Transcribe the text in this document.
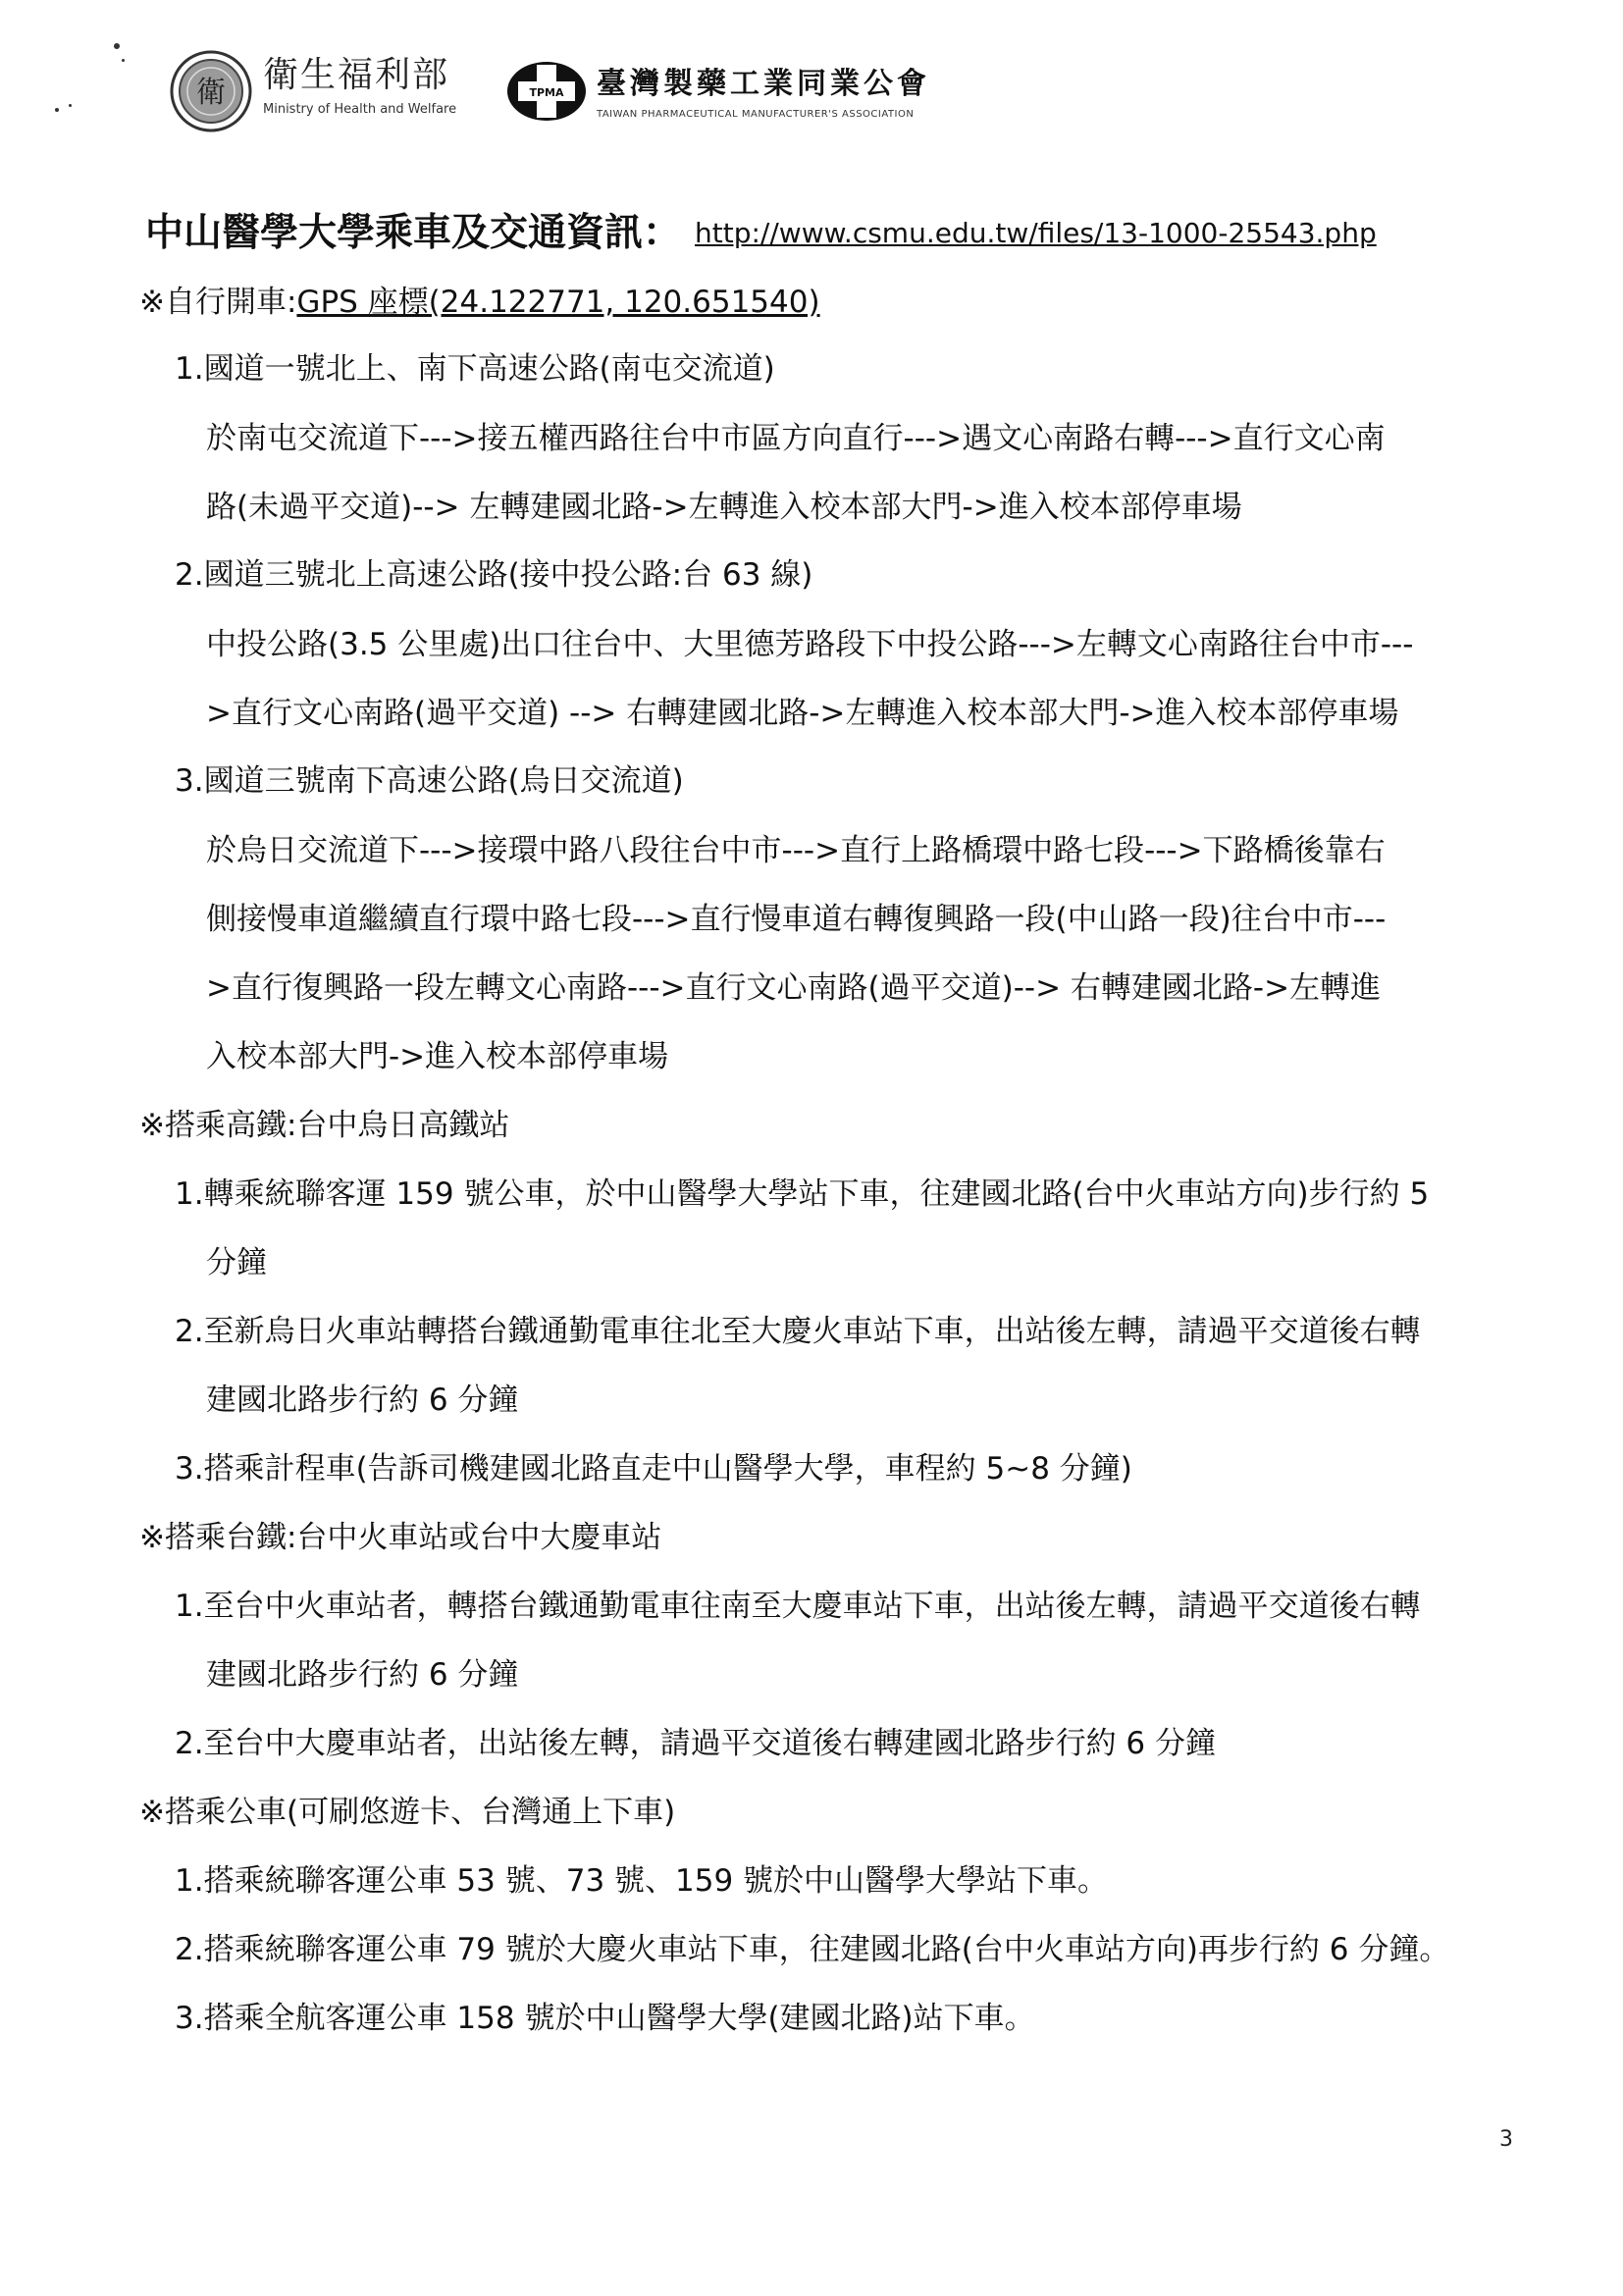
衛 衛生福利部
Ministry of Health and Welfare
TPMA 臺灣製藥工業同業公會
TAIWAN PHARMACEUTICAL MANUFACTURER'S ASSOCIATION
中山醫學大學乘車及交通資訊： http://www.csmu.edu.tw/files/13-1000-25543.php
※自行開車:GPS 座標(24.122771, 120.651540)
1.國道一號北上、南下高速公路(南屯交流道)
於南屯交流道下--->接五權西路往台中市區方向直行--->遇文心南路右轉--->直行文心南
路(未過平交道)--> 左轉建國北路->左轉進入校本部大門->進入校本部停車場
2.國道三號北上高速公路(接中投公路:台 63 線)
中投公路(3.5 公里處)出口往台中、大里德芳路段下中投公路--->左轉文心南路往台中市---
>直行文心南路(過平交道) --> 右轉建國北路->左轉進入校本部大門->進入校本部停車場
3.國道三號南下高速公路(烏日交流道)
於烏日交流道下--->接環中路八段往台中市--->直行上路橋環中路七段--->下路橋後靠右
側接慢車道繼續直行環中路七段--->直行慢車道右轉復興路一段(中山路一段)往台中市---
>直行復興路一段左轉文心南路--->直行文心南路(過平交道)--> 右轉建國北路->左轉進
入校本部大門->進入校本部停車場
※搭乘高鐵:台中烏日高鐵站
1.轉乘統聯客運 159 號公車，於中山醫學大學站下車，往建國北路(台中火車站方向)步行約 5
分鐘
2.至新烏日火車站轉搭台鐵通勤電車往北至大慶火車站下車，出站後左轉，請過平交道後右轉
建國北路步行約 6 分鐘
3.搭乘計程車(告訴司機建國北路直走中山醫學大學，車程約 5~8 分鐘)
※搭乘台鐵:台中火車站或台中大慶車站
1.至台中火車站者，轉搭台鐵通勤電車往南至大慶車站下車，出站後左轉，請過平交道後右轉
建國北路步行約 6 分鐘
2.至台中大慶車站者，出站後左轉，請過平交道後右轉建國北路步行約 6 分鐘
※搭乘公車(可刷悠遊卡、台灣通上下車)
1.搭乘統聯客運公車 53 號、73 號、159 號於中山醫學大學站下車。
2.搭乘統聯客運公車 79 號於大慶火車站下車，往建國北路(台中火車站方向)再步行約 6 分鐘。
3.搭乘全航客運公車 158 號於中山醫學大學(建國北路)站下車。
3
